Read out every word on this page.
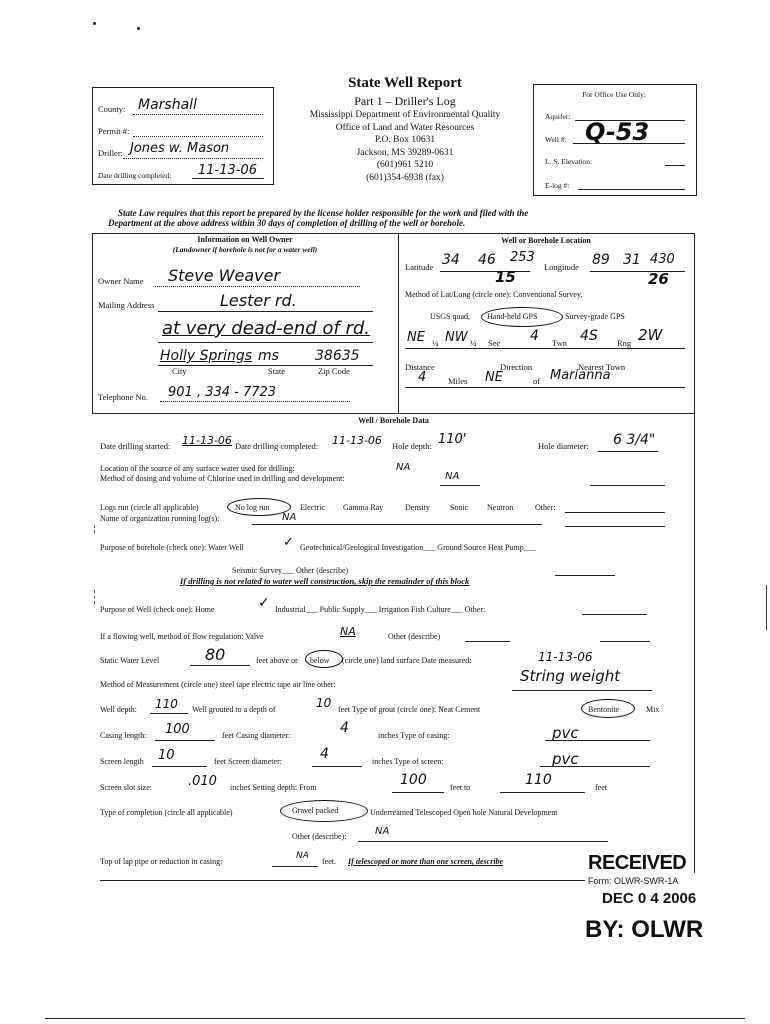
State Well Report
Part 1 – Driller's Log
Mississippi Department of Environmental Quality
Office of Land and Water Resources
P.O. Box 10631
Jackson, MS 39289-0631
(601)961 5210
(601)354-6938 (fax)
County: Marshall
Permit #:
Driller: Jones w. Mason
Date drilling completed: 11-13-06
For Office Use Only:
Aquifer:
Well #: Q-53
L. S. Elevation:
E-log #:
State Law requires that this report be prepared by the license holder responsible for the work and filed with the
Department at the above address within 30 days of completion of drilling of the well or borehole.
Information on Well Owner
(Landowner if borehole is not for a water well)
Owner Name Steve Weaver
Mailing Address	Lester rd.
at very dead-end of rd.
Holly Springs ms	38635
City	State	Zip Code
Telephone No. 901 , 334 - 7723
Well or Borehole Location
Latitude 34 46 253
15
Longitude 89 31 430
26
Method of Lat/Long (circle one): Conventional Survey,
USGS quad, Hand-held GPS	Survey-grade GPS
NE ¼ NW ¼ Sec 4 Twn 4S Rng 2W
Distance	Direction	Nearest Town
4	Miles NE	of Marianna
Well / Borehole Data
Date drilling started: 11-13-06 Date drilling completed: 11-13-06 Hole depth: 110'	Hole diameter: 6 3/4"
Location of the source of any surface water used for drilling:	NA
Method of dosing and volume of Chlorine used in drilling and development:	NA
Logs run (circle all applicable)	No log run	Electric Gamma Ray	Density	Sonic Neutron	Other:
Name of organization running log(s):	NA
Purpose of borehole (check one): Water Well	✓ Geotechnical/Geological Investigation___ Ground Source Heat Pump___
Seismic Survey___ Other (describe)
If drilling is not related to water well construction, skip the remainder of this block
Purpose of Well (check one): Home	✓ Industrial___ Public Supply___ Irrigation Fish Culture___ Other:
If a flowing well, method of flow regulation: Valve	NA	Other (describe)
Static Water Level	80	feet above or below (circle one) land surface Date measured:	11-13-06
Method of Measurement (circle one) steel tape electric tape air line other:	String weight
Well depth: 110 Well grouted to a depth of	10 feet Type of grout (circle one): Neat Cement	Bentonite	Mix
Casing length: 100	feet Casing diameter:	4	inches Type of casing:	pvc
Screen length 10	feet Screen diameter:	4	inches Type of screen:	pvc
Screen slot size:	.010 inches Setting depth: From	100	feet to	110	feet
Type of completion (circle all applicable)	Gravel packed	Underreamed Telescoped Open hole Natural Development
Other (describe):	NA
Top of lap pipe or reduction in casing:
NA
feet. If telescoped or more than one screen, describe	RECEIVED
Form: OLWR-SWR-1A
DEC 0 4 2006
BY: OLWR
